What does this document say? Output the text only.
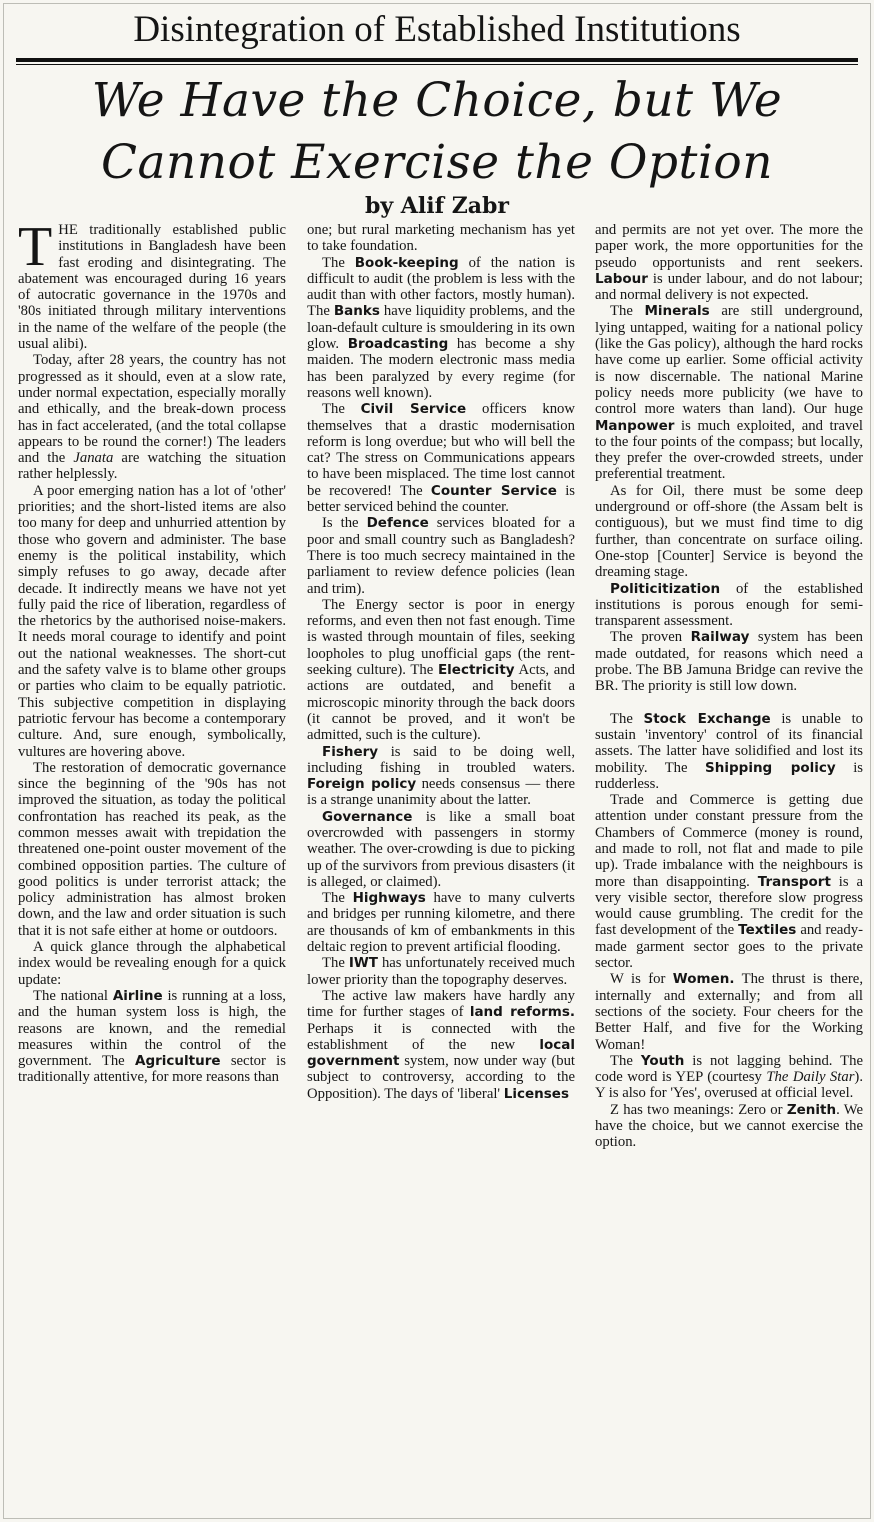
Disintegration of Established Institutions
We Have the Choice, but We
Cannot Exercise the Option
by Alif Zabr

THE traditionally established public institutions in Bangladesh have been fast eroding and disintegrating. The abatement was encouraged during 16 years of autocratic governance in the 1970s and '80s initiated through military interventions in the name of the welfare of the people (the usual alibi).

Today, after 28 years, the country has not progressed as it should, even at a slow rate, under normal expectation, especially morally and ethically, and the break-down process has in fact accelerated, (and the total collapse appears to be round the corner!) The leaders and the Janata are watching the situation rather helplessly.

A poor emerging nation has a lot of 'other' priorities; and the short-listed items are also too many for deep and unhurried attention by those who govern and administer. The base enemy is the political instability, which simply refuses to go away, decade after decade. It indirectly means we have not yet fully paid the rice of liberation, regardless of the rhetorics by the authorised noise-makers. It needs moral courage to identify and point out the national weaknesses. The short-cut and the safety valve is to blame other groups or parties who claim to be equally patriotic. This subjective competition in displaying patriotic fervour has become a contemporary culture. And, sure enough, symbolically, vultures are hovering above.

The restoration of democratic governance since the beginning of the '90s has not improved the situation, as today the political confrontation has reached its peak, as the common messes await with trepidation the threatened one-point ouster movement of the combined opposition parties. The culture of good politics is under terrorist attack; the policy administration has almost broken down, and the law and order situation is such that it is not safe either at home or outdoors.

A quick glance through the alphabetical index would be revealing enough for a quick update:

The national Airline is running at a loss, and the human system loss is high, the reasons are known, and the remedial measures within the control of the government. The Agriculture sector is traditionally attentive, for more reasons than

one; but rural marketing mechanism has yet to take foundation.

The Book-keeping of the nation is difficult to audit (the problem is less with the audit than with other factors, mostly human). The Banks have liquidity problems, and the loan-default culture is smouldering in its own glow. Broadcasting has become a shy maiden. The modern electronic mass media has been paralyzed by every regime (for reasons well known).

The Civil Service officers know themselves that a drastic modernisation reform is long overdue; but who will bell the cat? The stress on Communications appears to have been misplaced. The time lost cannot be recovered! The Counter Service is better serviced behind the counter.

Is the Defence services bloated for a poor and small country such as Bangladesh? There is too much secrecy maintained in the parliament to review defence policies (lean and trim).

The Energy sector is poor in energy reforms, and even then not fast enough. Time is wasted through mountain of files, seeking loopholes to plug unofficial gaps (the rent-seeking culture). The Electricity Acts, and actions are outdated, and benefit a microscopic minority through the back doors (it cannot be proved, and it won't be admitted, such is the culture).

Fishery is said to be doing well, including fishing in troubled waters. Foreign policy needs consensus — there is a strange unanimity about the latter.

Governance is like a small boat overcrowded with passengers in stormy weather. The over-crowding is due to picking up of the survivors from previous disasters (it is alleged, or claimed).

The Highways have to many culverts and bridges per running kilometre, and there are thousands of km of embankments in this deltaic region to prevent artificial flooding.

The IWT has unfortunately received much lower priority than the topography deserves.

The active law makers have hardly any time for further stages of land reforms. Perhaps it is connected with the establishment of the new local government system, now under way (but subject to controversy, according to the Opposition). The days of 'liberal' Licenses

and permits are not yet over. The more the paper work, the more opportunities for the pseudo opportunists and rent seekers. Labour is under labour, and do not labour; and normal delivery is not expected.

The Minerals are still underground, lying untapped, waiting for a national policy (like the Gas policy), although the hard rocks have come up earlier. Some official activity is now discernable. The national Marine policy needs more publicity (we have to control more waters than land). Our huge Manpower is much exploited, and travel to the four points of the compass; but locally, they prefer the over-crowded streets, under preferential treatment.

As for Oil, there must be some deep underground or off-shore (the Assam belt is contiguous), but we must find time to dig further, than concentrate on surface oiling. One-stop [Counter] Service is beyond the dreaming stage.

Politicitization of the established institutions is porous enough for semi-transparent assessment.

The proven Railway system has been made outdated, for reasons which need a probe. The BB Jamuna Bridge can revive the BR. The priority is still low down.

The Stock Exchange is unable to sustain 'inventory' control of its financial assets. The latter have solidified and lost its mobility. The Shipping policy is rudderless.

Trade and Commerce is getting due attention under constant pressure from the Chambers of Commerce (money is round, and made to roll, not flat and made to pile up). Trade imbalance with the neighbours is more than disappointing. Transport is a very visible sector, therefore slow progress would cause grumbling. The credit for the fast development of the Textiles and ready-made garment sector goes to the private sector.

W is for Women. The thrust is there, internally and externally; and from all sections of the society. Four cheers for the Better Half, and five for the Working Woman!

The Youth is not lagging behind. The code word is YEP (courtesy The Daily Star). Y is also for 'Yes', overused at official level.

Z has two meanings: Zero or Zenith. We have the choice, but we cannot exercise the option.
